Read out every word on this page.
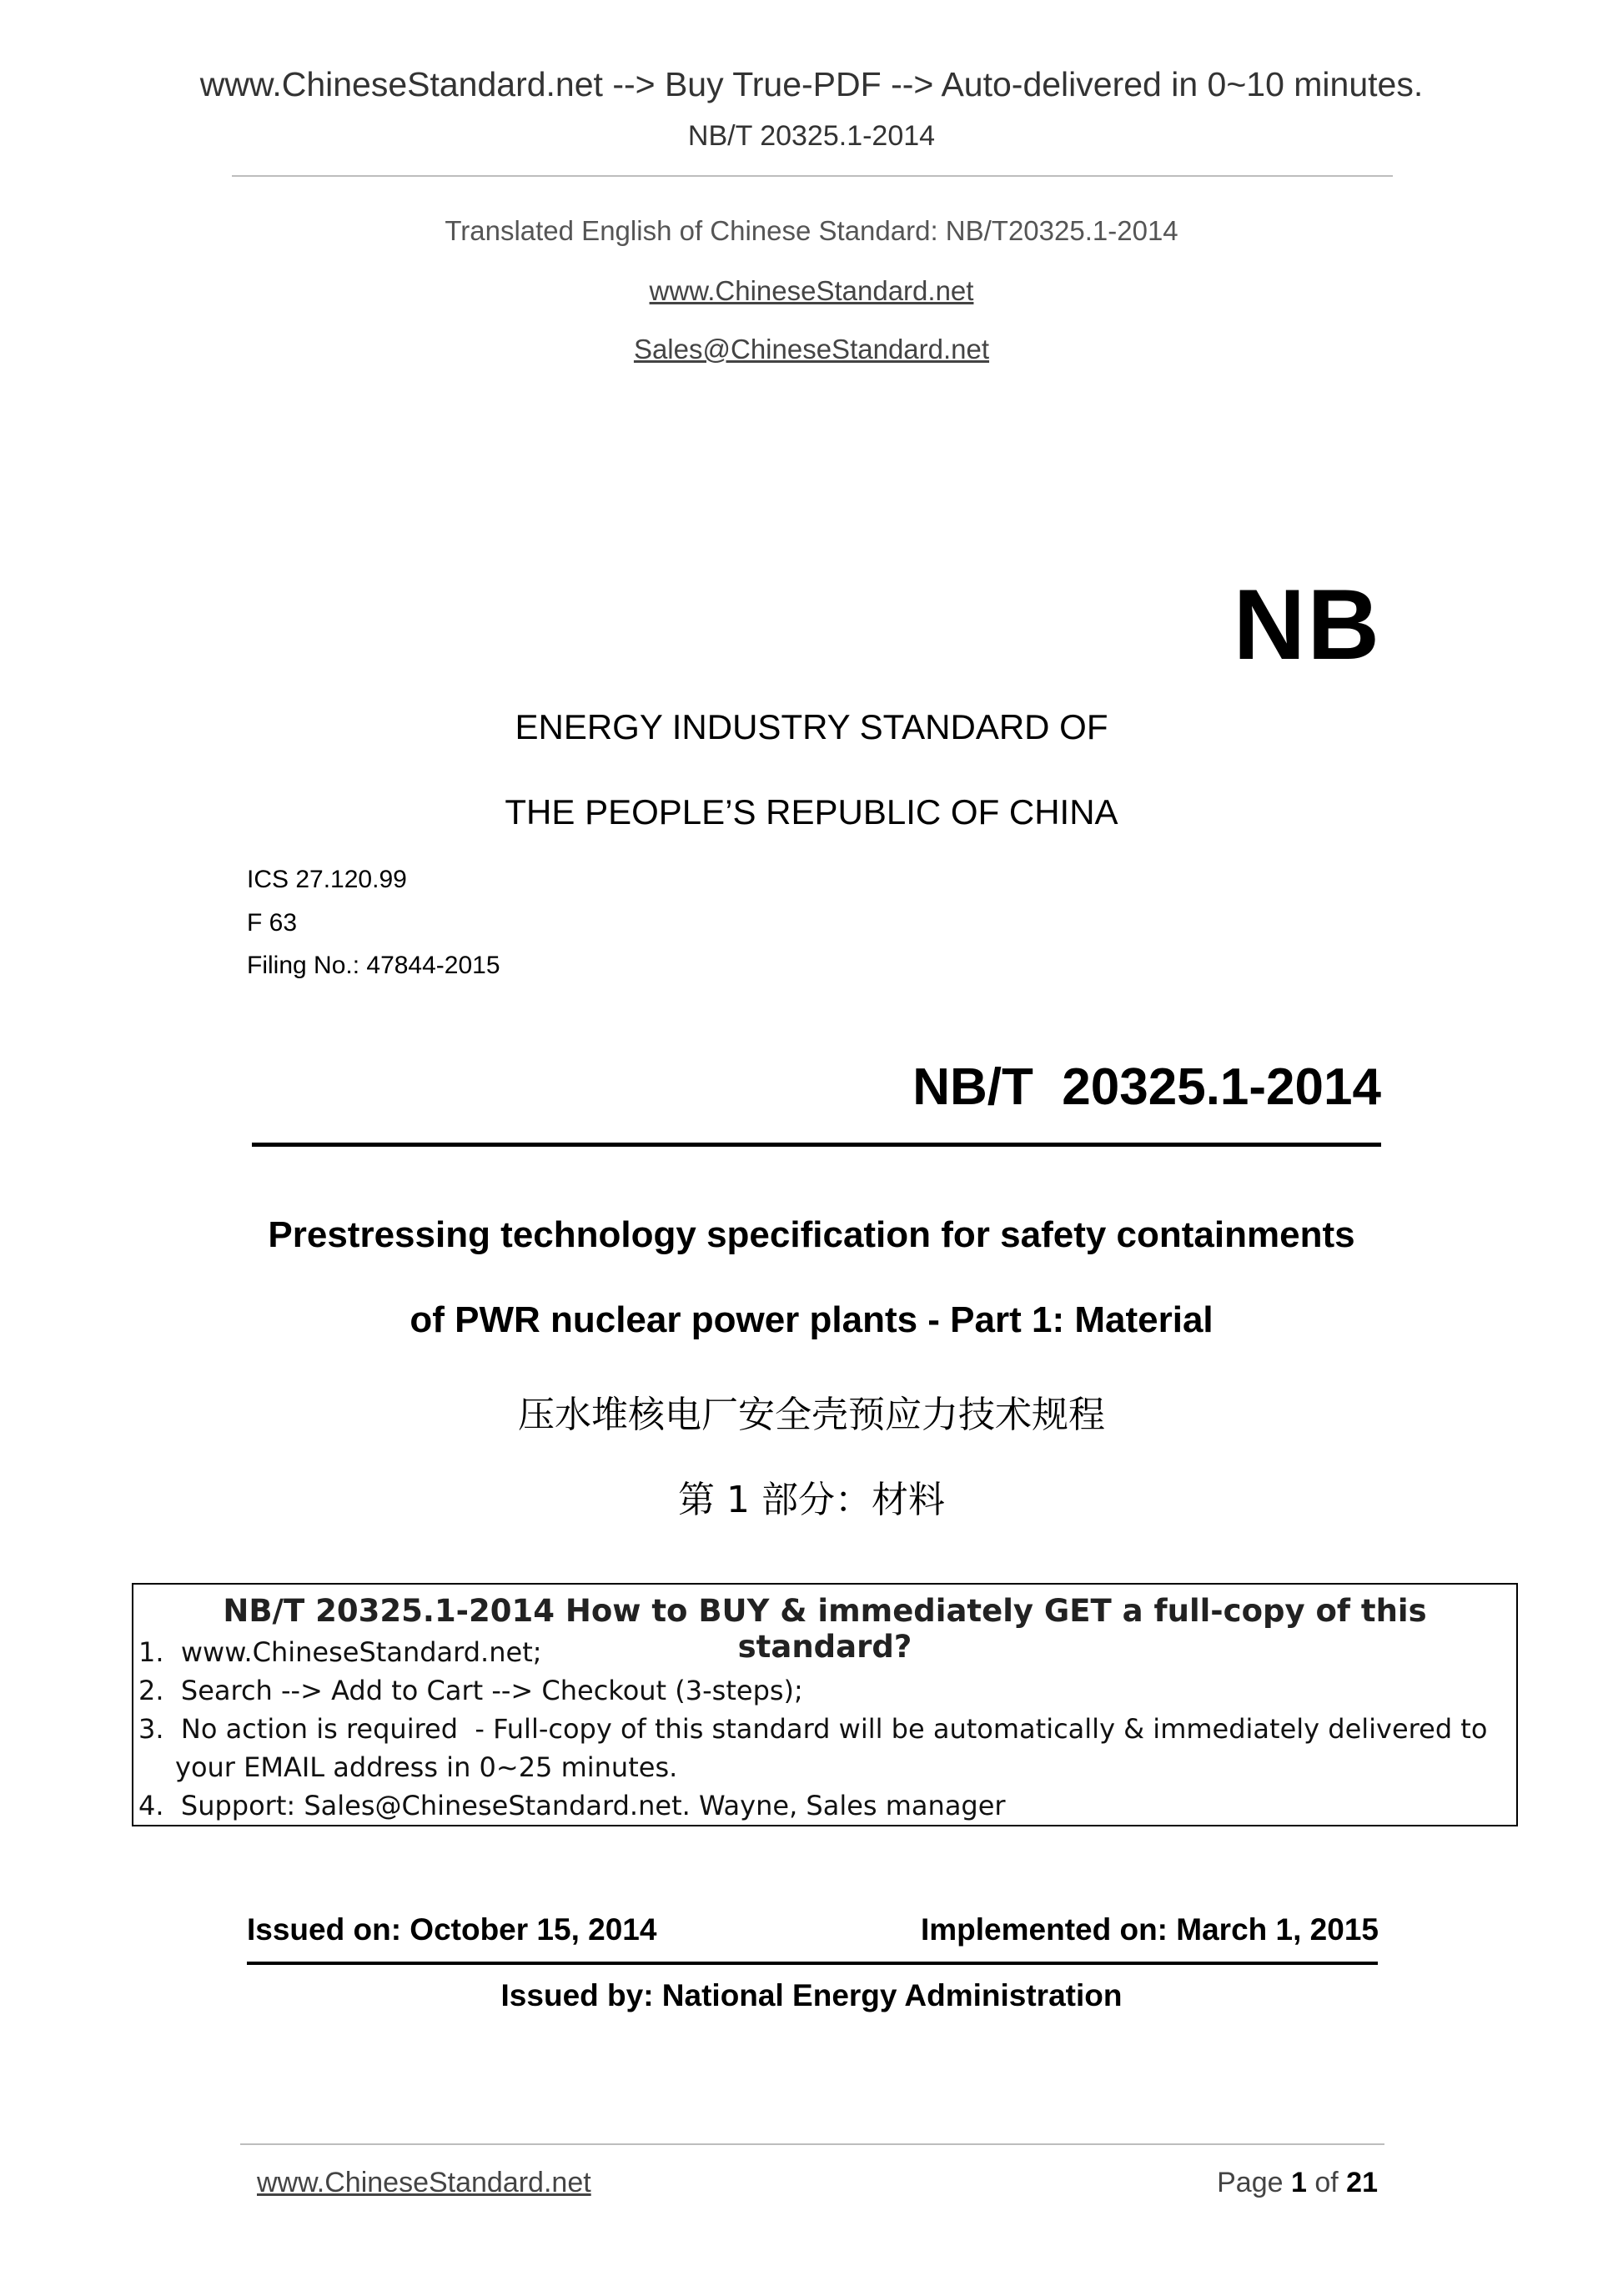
www.ChineseStandard.net --> Buy True-PDF --> Auto-delivered in 0~10 minutes.
NB/T 20325.1-2014
Translated English of Chinese Standard: NB/T20325.1-2014
www.ChineseStandard.net
Sales@ChineseStandard.net
NB
ENERGY INDUSTRY STANDARD OF
THE PEOPLE’S REPUBLIC OF CHINA
ICS 27.120.99
F 63
Filing No.: 47844-2015
NB/T  20325.1-2014
Prestressing technology specification for safety containments
of PWR nuclear power plants - Part 1: Material
压水堆核电厂安全壳预应力技术规程
第 1 部分：材料
NB/T 20325.1-2014 How to BUY & immediately GET a full-copy of this standard?
1.  www.ChineseStandard.net;
2.  Search --> Add to Cart --> Checkout (3-steps);
3.  No action is required  - Full-copy of this standard will be automatically & immediately delivered to
your EMAIL address in 0~25 minutes.
4.  Support: Sales@ChineseStandard.net. Wayne, Sales manager
Issued on: October 15, 2014	Implemented on: March 1, 2015
Issued by: National Energy Administration
www.ChineseStandard.net	Page 1 of 21
